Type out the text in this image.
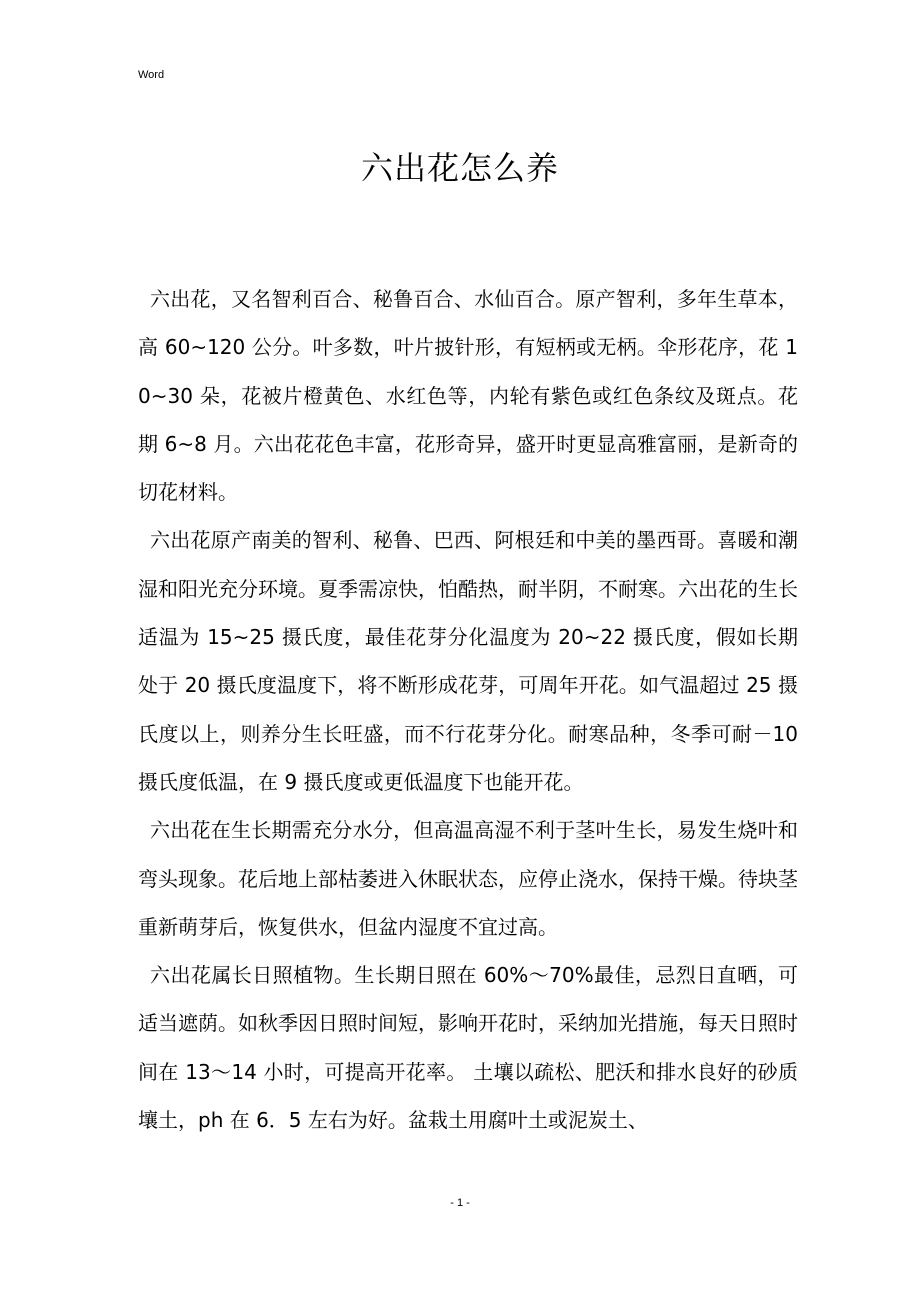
Word
六出花怎么养

六出花，又名智利百合、秘鲁百合、水仙百合。原产智利，多年生草本，高 60~120 公分。叶多数，叶片披针形，有短柄或无柄。伞形花序，花 10~30 朵，花被片橙黄色、水红色等，内轮有紫色或红色条纹及斑点。花期 6~8 月。六出花花色丰富，花形奇异，盛开时更显高雅富丽，是新奇的切花材料。

六出花原产南美的智利、秘鲁、巴西、阿根廷和中美的墨西哥。喜暖和潮湿和阳光充分环境。夏季需凉快，怕酷热，耐半阴，不耐寒。六出花的生长适温为 15~25 摄氏度，最佳花芽分化温度为 20~22 摄氏度，假如长期处于 20 摄氏度温度下，将不断形成花芽，可周年开花。如气温超过 25 摄氏度以上，则养分生长旺盛，而不行花芽分化。耐寒品种，冬季可耐－10 摄氏度低温，在 9 摄氏度或更低温度下也能开花。

六出花在生长期需充分水分，但高温高湿不利于茎叶生长，易发生烧叶和弯头现象。花后地上部枯萎进入休眠状态，应停止浇水，保持干燥。待块茎重新萌芽后，恢复供水，但盆内湿度不宜过高。

六出花属长日照植物。生长期日照在 60%～70%最佳，忌烈日直晒，可适当遮荫。如秋季因日照时间短，影响开花时，采纳加光措施，每天日照时间在 13～14 小时，可提高开花率。 土壤以疏松、肥沃和排水良好的砂质壤土，ph 在 6．5 左右为好。盆栽土用腐叶土或泥炭土、

- 1 -
